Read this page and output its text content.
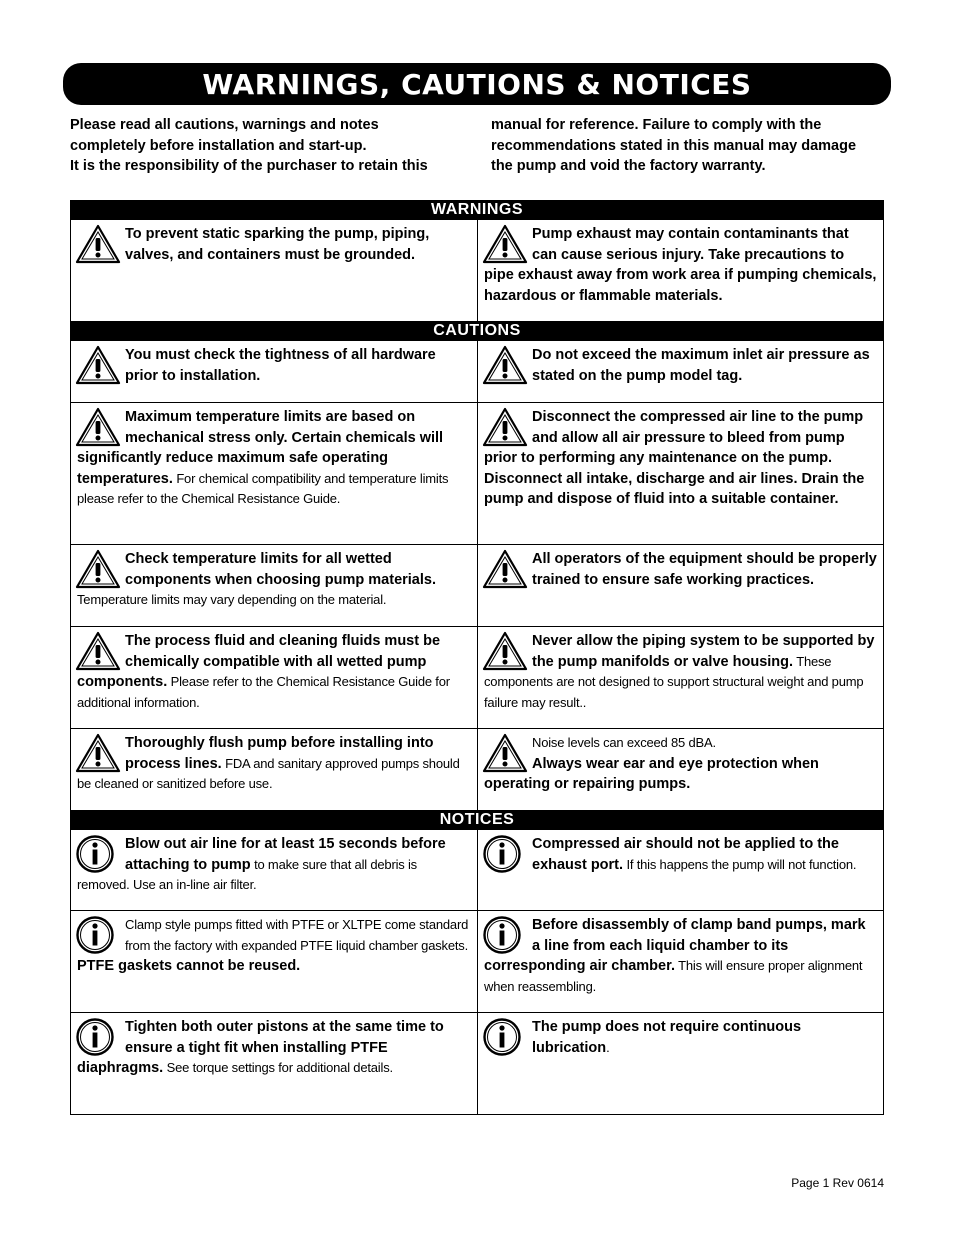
WARNINGS, CAUTIONS & NOTICES
Please read all cautions, warnings and notes
completely before installation and start-up.
It is the responsibility of the purchaser to retain this
manual for reference. Failure to comply with the
recommendations stated in this manual may damage
the pump and void the factory warranty.
WARNINGS
To prevent static sparking the pump, piping, valves, and containers must be grounded.
Pump exhaust may contain contaminants that can cause serious injury. Take precautions to pipe exhaust away from work area if pumping chemicals, hazardous or flammable materials.
CAUTIONS
You must check the tightness of all hardware prior to installation.
Do not exceed the maximum inlet air pressure as stated on the pump model tag.
Maximum temperature limits are based on mechanical stress only. Certain chemicals will significantly reduce maximum safe operating temperatures. For chemical compatibility and temperature limits please refer to the Chemical Resistance Guide.
Disconnect the compressed air line to the pump and allow all air pressure to bleed from pump prior to performing any maintenance on the pump. Disconnect all intake, discharge and air lines. Drain the pump and dispose of fluid into a suitable container.
Check temperature limits for all wetted components when choosing pump materials. Temperature limits may vary depending on the material.
All operators of the equipment should be properly trained to ensure safe working practices.
The process fluid and cleaning fluids must be chemically compatible with all wetted pump components. Please refer to the Chemical Resistance Guide for additional information.
Never allow the piping system to be supported by the pump manifolds or valve housing. These components are not designed to support structural weight and pump failure may result..
Thoroughly flush pump before installing into process lines. FDA and sanitary approved pumps should be cleaned or sanitized before use.
Noise levels can exceed 85 dBA.
Always wear ear and eye protection when operating or repairing pumps.
NOTICES
Blow out air line for at least 15 seconds before attaching to pump to make sure that all debris is removed. Use an in-line air filter.
Compressed air should not be applied to the exhaust port. If this happens the pump will not function.
Clamp style pumps fitted with PTFE or XLTPE come standard from the factory with expanded PTFE liquid chamber gaskets. PTFE gaskets cannot be reused.
Before disassembly of clamp band pumps, mark a line from each liquid chamber to its corresponding air chamber. This will ensure proper alignment when reassembling.
Tighten both outer pistons at the same time to ensure a tight fit when installing PTFE diaphragms. See torque settings for additional details.
The pump does not require continuous lubrication.
Page 1 Rev 0614
